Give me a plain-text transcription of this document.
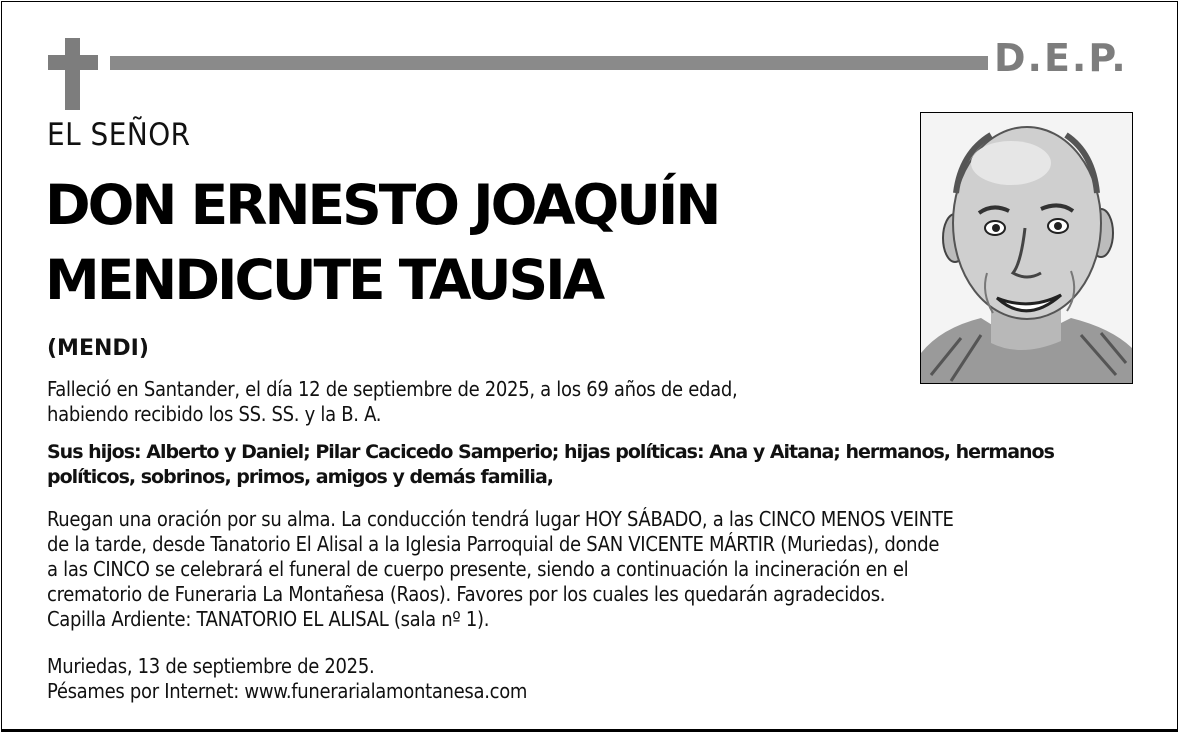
D.E.P.
EL SEÑOR
DON ERNESTO JOAQUÍN
MENDICUTE TAUSIA
(MENDI)
Falleció en Santander, el día 12 de septiembre de 2025, a los 69 años de edad,
habiendo recibido los SS. SS. y la B. A.
Sus hijos: Alberto y Daniel; Pilar Cacicedo Samperio; hijas políticas: Ana y Aitana; hermanos, hermanos
políticos, sobrinos, primos, amigos y demás familia,
Ruegan una oración por su alma. La conducción tendrá lugar HOY SÁBADO, a las CINCO MENOS VEINTE
de la tarde, desde Tanatorio El Alisal a la Iglesia Parroquial de SAN VICENTE MÁRTIR (Muriedas), donde
a las CINCO se celebrará el funeral de cuerpo presente, siendo a continuación la incineración en el
crematorio de Funeraria La Montañesa (Raos). Favores por los cuales les quedarán agradecidos.
Capilla Ardiente: TANATORIO EL ALISAL (sala nº 1).
Muriedas, 13 de septiembre de 2025.
Pésames por Internet: www.funerarialamontanesa.com
